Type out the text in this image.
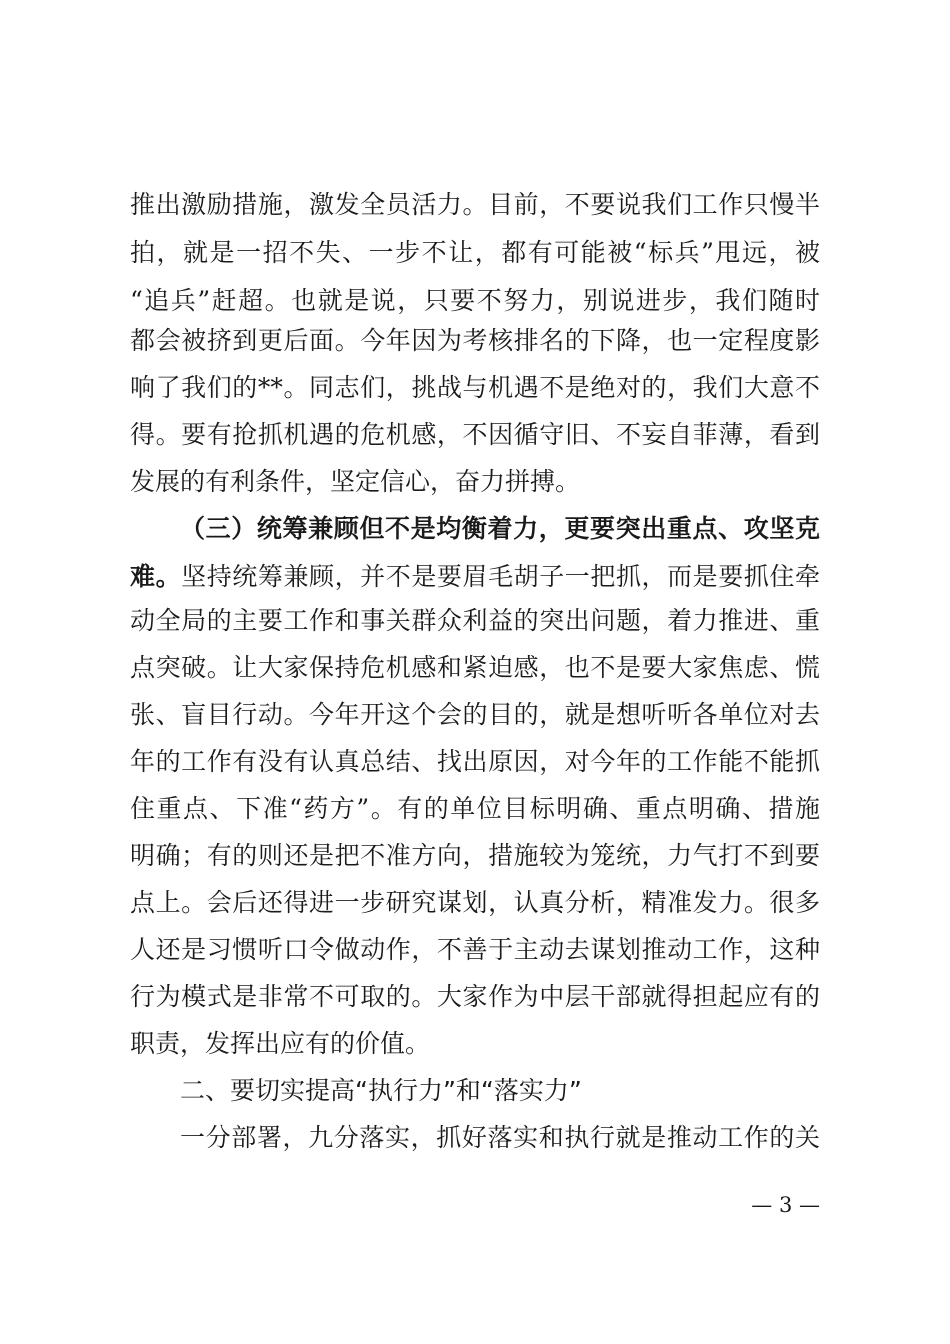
推出激励措施，激发全员活力。目前，不要说我们工作只慢半
拍，就是一招不失、一步不让，都有可能被“标兵”甩远，被
“追兵”赶超。也就是说，只要不努力，别说进步，我们随时
都会被挤到更后面。今年因为考核排名的下降，也一定程度影
响了我们的**。同志们，挑战与机遇不是绝对的，我们大意不
得。要有抢抓机遇的危机感，不因循守旧、不妄自菲薄，看到
发展的有利条件，坚定信心，奋力拼搏。
（三）统筹兼顾但不是均衡着力，更要突出重点、攻坚克
难。坚持统筹兼顾，并不是要眉毛胡子一把抓，而是要抓住牵
动全局的主要工作和事关群众利益的突出问题，着力推进、重
点突破。让大家保持危机感和紧迫感，也不是要大家焦虑、慌
张、盲目行动。今年开这个会的目的，就是想听听各单位对去
年的工作有没有认真总结、找出原因，对今年的工作能不能抓
住重点、下准“药方”。有的单位目标明确、重点明确、措施
明确；有的则还是把不准方向，措施较为笼统，力气打不到要
点上。会后还得进一步研究谋划，认真分析，精准发力。很多
人还是习惯听口令做动作，不善于主动去谋划推动工作，这种
行为模式是非常不可取的。大家作为中层干部就得担起应有的
职责，发挥出应有的价值。
二、要切实提高“执行力”和“落实力”
一分部署，九分落实，抓好落实和执行就是推动工作的关
— 3 —
